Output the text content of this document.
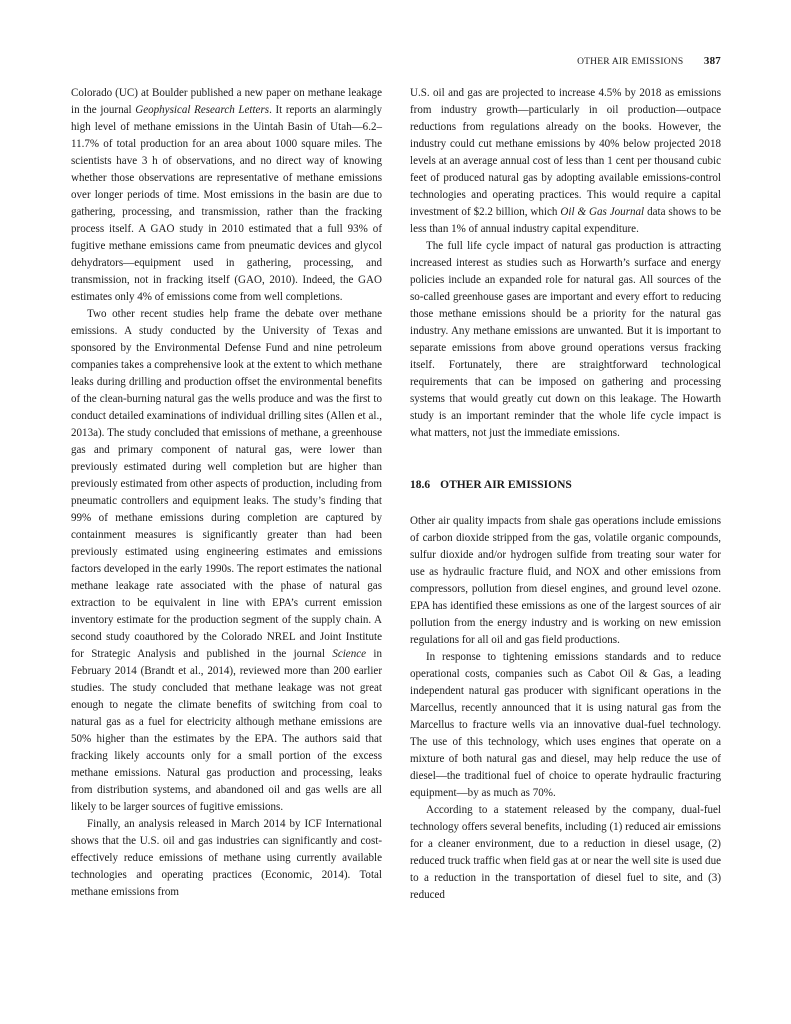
OTHER AIR EMISSIONS 387

Colorado (UC) at Boulder published a new paper on methane leakage in the journal Geophysical Research Letters. It reports an alarmingly high level of methane emissions in the Uintah Basin of Utah—6.2–11.7% of total production for an area about 1000 square miles. The scientists have 3 h of observations, and no direct way of knowing whether those observations are representative of methane emissions over longer periods of time. Most emissions in the basin are due to gathering, processing, and transmission, rather than the fracking process itself. A GAO study in 2010 estimated that a full 93% of fugitive methane emissions came from pneumatic devices and glycol dehydrators—equipment used in gathering, processing, and transmission, not in fracking itself (GAO, 2010). Indeed, the GAO estimates only 4% of emissions come from well completions.

Two other recent studies help frame the debate over methane emissions. A study conducted by the University of Texas and sponsored by the Environmental Defense Fund and nine petroleum companies takes a comprehensive look at the extent to which methane leaks during drilling and production offset the environmental benefits of the clean-burning natural gas the wells produce and was the first to conduct detailed examinations of individual drilling sites (Allen et al., 2013a). The study concluded that emissions of methane, a greenhouse gas and primary component of natural gas, were lower than previously estimated during well completion but are higher than previously estimated from other aspects of production, including from pneumatic controllers and equipment leaks. The study’s finding that 99% of methane emissions during completion are captured by containment measures is significantly greater than had been previously estimated using engineering estimates and emissions factors developed in the early 1990s. The report estimates the national methane leakage rate associated with the phase of natural gas extraction to be equivalent in line with EPA’s current emission inventory estimate for the production segment of the supply chain. A second study coauthored by the Colorado NREL and Joint Institute for Strategic Analysis and published in the journal Science in February 2014 (Brandt et al., 2014), reviewed more than 200 earlier studies. The study concluded that methane leakage was not great enough to negate the climate benefits of switching from coal to natural gas as a fuel for electricity although methane emissions are 50% higher than the estimates by the EPA. The authors said that fracking likely accounts only for a small portion of the excess methane emissions. Natural gas production and processing, leaks from distribution systems, and abandoned oil and gas wells are all likely to be larger sources of fugitive emissions.

Finally, an analysis released in March 2014 by ICF International shows that the U.S. oil and gas industries can significantly and cost-effectively reduce emissions of methane using currently available technologies and operating practices (Economic, 2014). Total methane emissions from

U.S. oil and gas are projected to increase 4.5% by 2018 as emissions from industry growth—particularly in oil production—outpace reductions from regulations already on the books. However, the industry could cut methane emissions by 40% below projected 2018 levels at an average annual cost of less than 1 cent per thousand cubic feet of produced natural gas by adopting available emissions-control technologies and operating practices. This would require a capital investment of $2.2 billion, which Oil & Gas Journal data shows to be less than 1% of annual industry capital expenditure.

The full life cycle impact of natural gas production is attracting increased interest as studies such as Horwarth’s surface and energy policies include an expanded role for natural gas. All sources of the so-called greenhouse gases are important and every effort to reducing those methane emissions should be a priority for the natural gas industry. Any methane emissions are unwanted. But it is important to separate emissions from above ground operations versus fracking itself. Fortunately, there are straightforward technological requirements that can be imposed on gathering and processing systems that would greatly cut down on this leakage. The Howarth study is an important reminder that the whole life cycle impact is what matters, not just the immediate emissions.

18.6 OTHER AIR EMISSIONS

Other air quality impacts from shale gas operations include emissions of carbon dioxide stripped from the gas, volatile organic compounds, sulfur dioxide and/or hydrogen sulfide from treating sour water for use as hydraulic fracture fluid, and NOX and other emissions from compressors, pollution from diesel engines, and ground level ozone. EPA has identified these emissions as one of the largest sources of air pollution from the energy industry and is working on new emission regulations for all oil and gas field productions.

In response to tightening emissions standards and to reduce operational costs, companies such as Cabot Oil & Gas, a leading independent natural gas producer with significant operations in the Marcellus, recently announced that it is using natural gas from the Marcellus to fracture wells via an innovative dual-fuel technology. The use of this technology, which uses engines that operate on a mixture of both natural gas and diesel, may help reduce the use of diesel—the traditional fuel of choice to operate hydraulic fracturing equipment—by as much as 70%.

According to a statement released by the company, dual-fuel technology offers several benefits, including (1) reduced air emissions for a cleaner environment, due to a reduction in diesel usage, (2) reduced truck traffic when field gas at or near the well site is used due to a reduction in the transportation of diesel fuel to site, and (3) reduced
